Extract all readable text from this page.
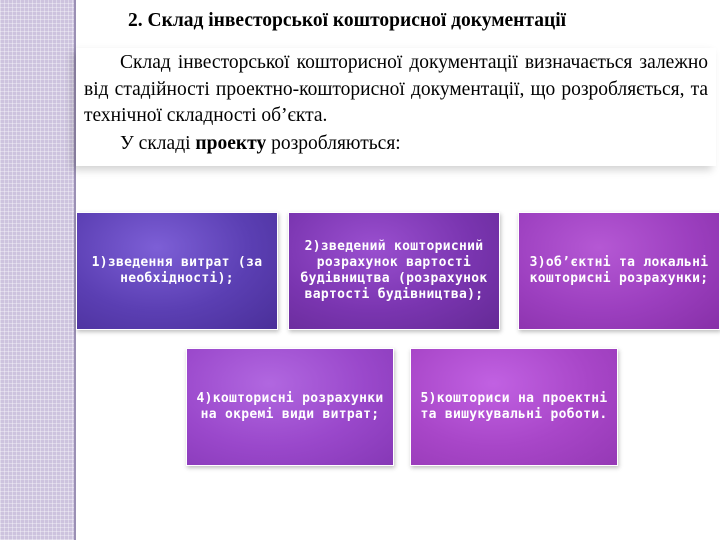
2. Склад інвесторської кошторисної документації
Склад інвесторської кошторисної документації визначається залежно від стадійності проектно-кошторисної документації, що розробляється, та технічної складності об’єкта.
У складі проекту розробляються:
1)зведення витрат (за необхідності);
2)зведений кошторисний розрахунок вартості будівництва (розрахунок вартості будівництва);
3)об’єктні та локальні кошторисні розрахунки;
4)кошторисні розрахунки на окремі види витрат;
5)кошториси на проектні та вишукувальні роботи.
